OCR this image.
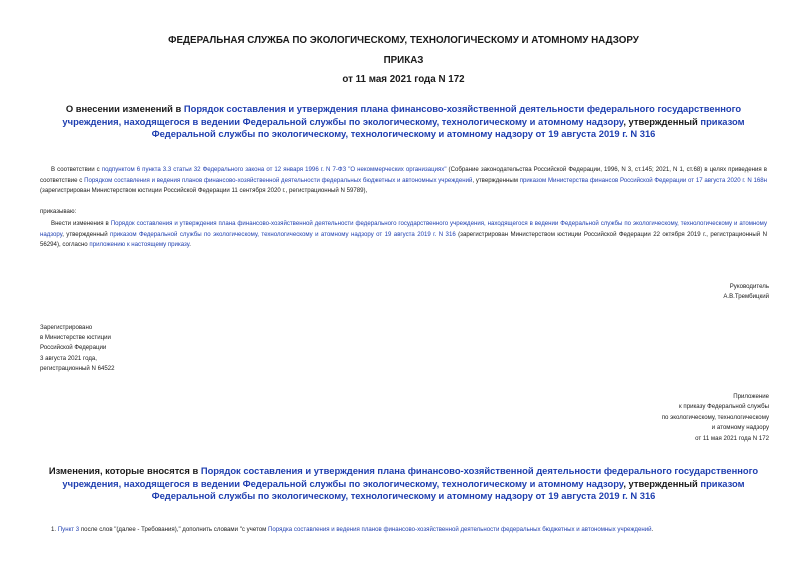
ФЕДЕРАЛЬНАЯ СЛУЖБА ПО ЭКОЛОГИЧЕСКОМУ, ТЕХНОЛОГИЧЕСКОМУ И АТОМНОМУ НАДЗОРУ
ПРИКАЗ
от 11 мая 2021 года N 172
О внесении изменений в Порядок составления и утверждения плана финансово-хозяйственной деятельности федерального государственного учреждения, находящегося в ведении Федеральной службы по экологическому, технологическому и атомному надзору, утвержденный приказом Федеральной службы по экологическому, технологическому и атомному надзору от 19 августа 2019 г. N 316
В соответствии с подпунктом 6 пункта 3.3 статьи 32 Федерального закона от 12 января 1996 г. N 7-ФЗ "О некоммерческих организациях" (Собрание законодательства Российской Федерации, 1996, N 3, ст.145; 2021, N 1, ст.68) в целях приведения в соответствие с Порядком составления и ведения планов финансово-хозяйственной деятельности федеральных бюджетных и автономных учреждений, утвержденным приказом Министерства финансов Российской Федерации от 17 августа 2020 г. N 168н (зарегистрирован Министерством юстиции Российской Федерации 11 сентября 2020 г., регистрационный N 59789),
приказываю:
Внести изменения в Порядок составления и утверждения плана финансово-хозяйственной деятельности федерального государственного учреждения, находящегося в ведении Федеральной службы по экологическому, технологическому и атомному надзору, утвержденный приказом Федеральной службы по экологическому, технологическому и атомному надзору от 19 августа 2019 г. N 316 (зарегистрирован Министерством юстиции Российской Федерации 22 октября 2019 г., регистрационный N 56294), согласно приложению к настоящему приказу.
Руководитель
А.В.Трембицкий
Зарегистрировано
в Министерстве юстиции
Российской Федерации
3 августа 2021 года,
регистрационный N 64522
Приложение
к приказу Федеральной службы
по экологическому, технологическому
и атомному надзору
от 11 мая 2021 года N 172
Изменения, которые вносятся в Порядок составления и утверждения плана финансово-хозяйственной деятельности федерального государственного учреждения, находящегося в ведении Федеральной службы по экологическому, технологическому и атомному надзору, утвержденный приказом Федеральной службы по экологическому, технологическому и атомному надзору от 19 августа 2019 г. N 316
1. Пункт 3 после слов "(далее - Требования)," дополнить словами "с учетом Порядка составления и ведения планов финансово-хозяйственной деятельности федеральных бюджетных и автономных учреждений.
